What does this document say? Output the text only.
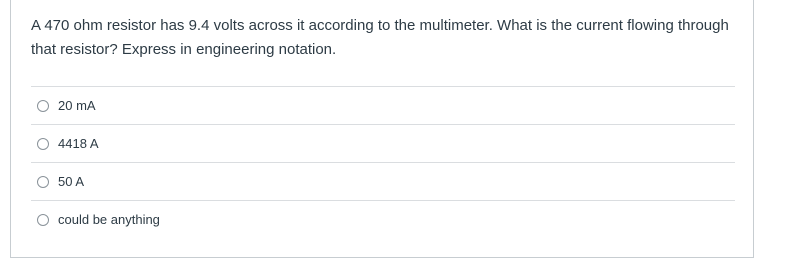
A 470 ohm resistor has 9.4 volts across it according to the multimeter. What is the current flowing through that resistor? Express in engineering notation.
20 mA
4418 A
50 A
could be anything
